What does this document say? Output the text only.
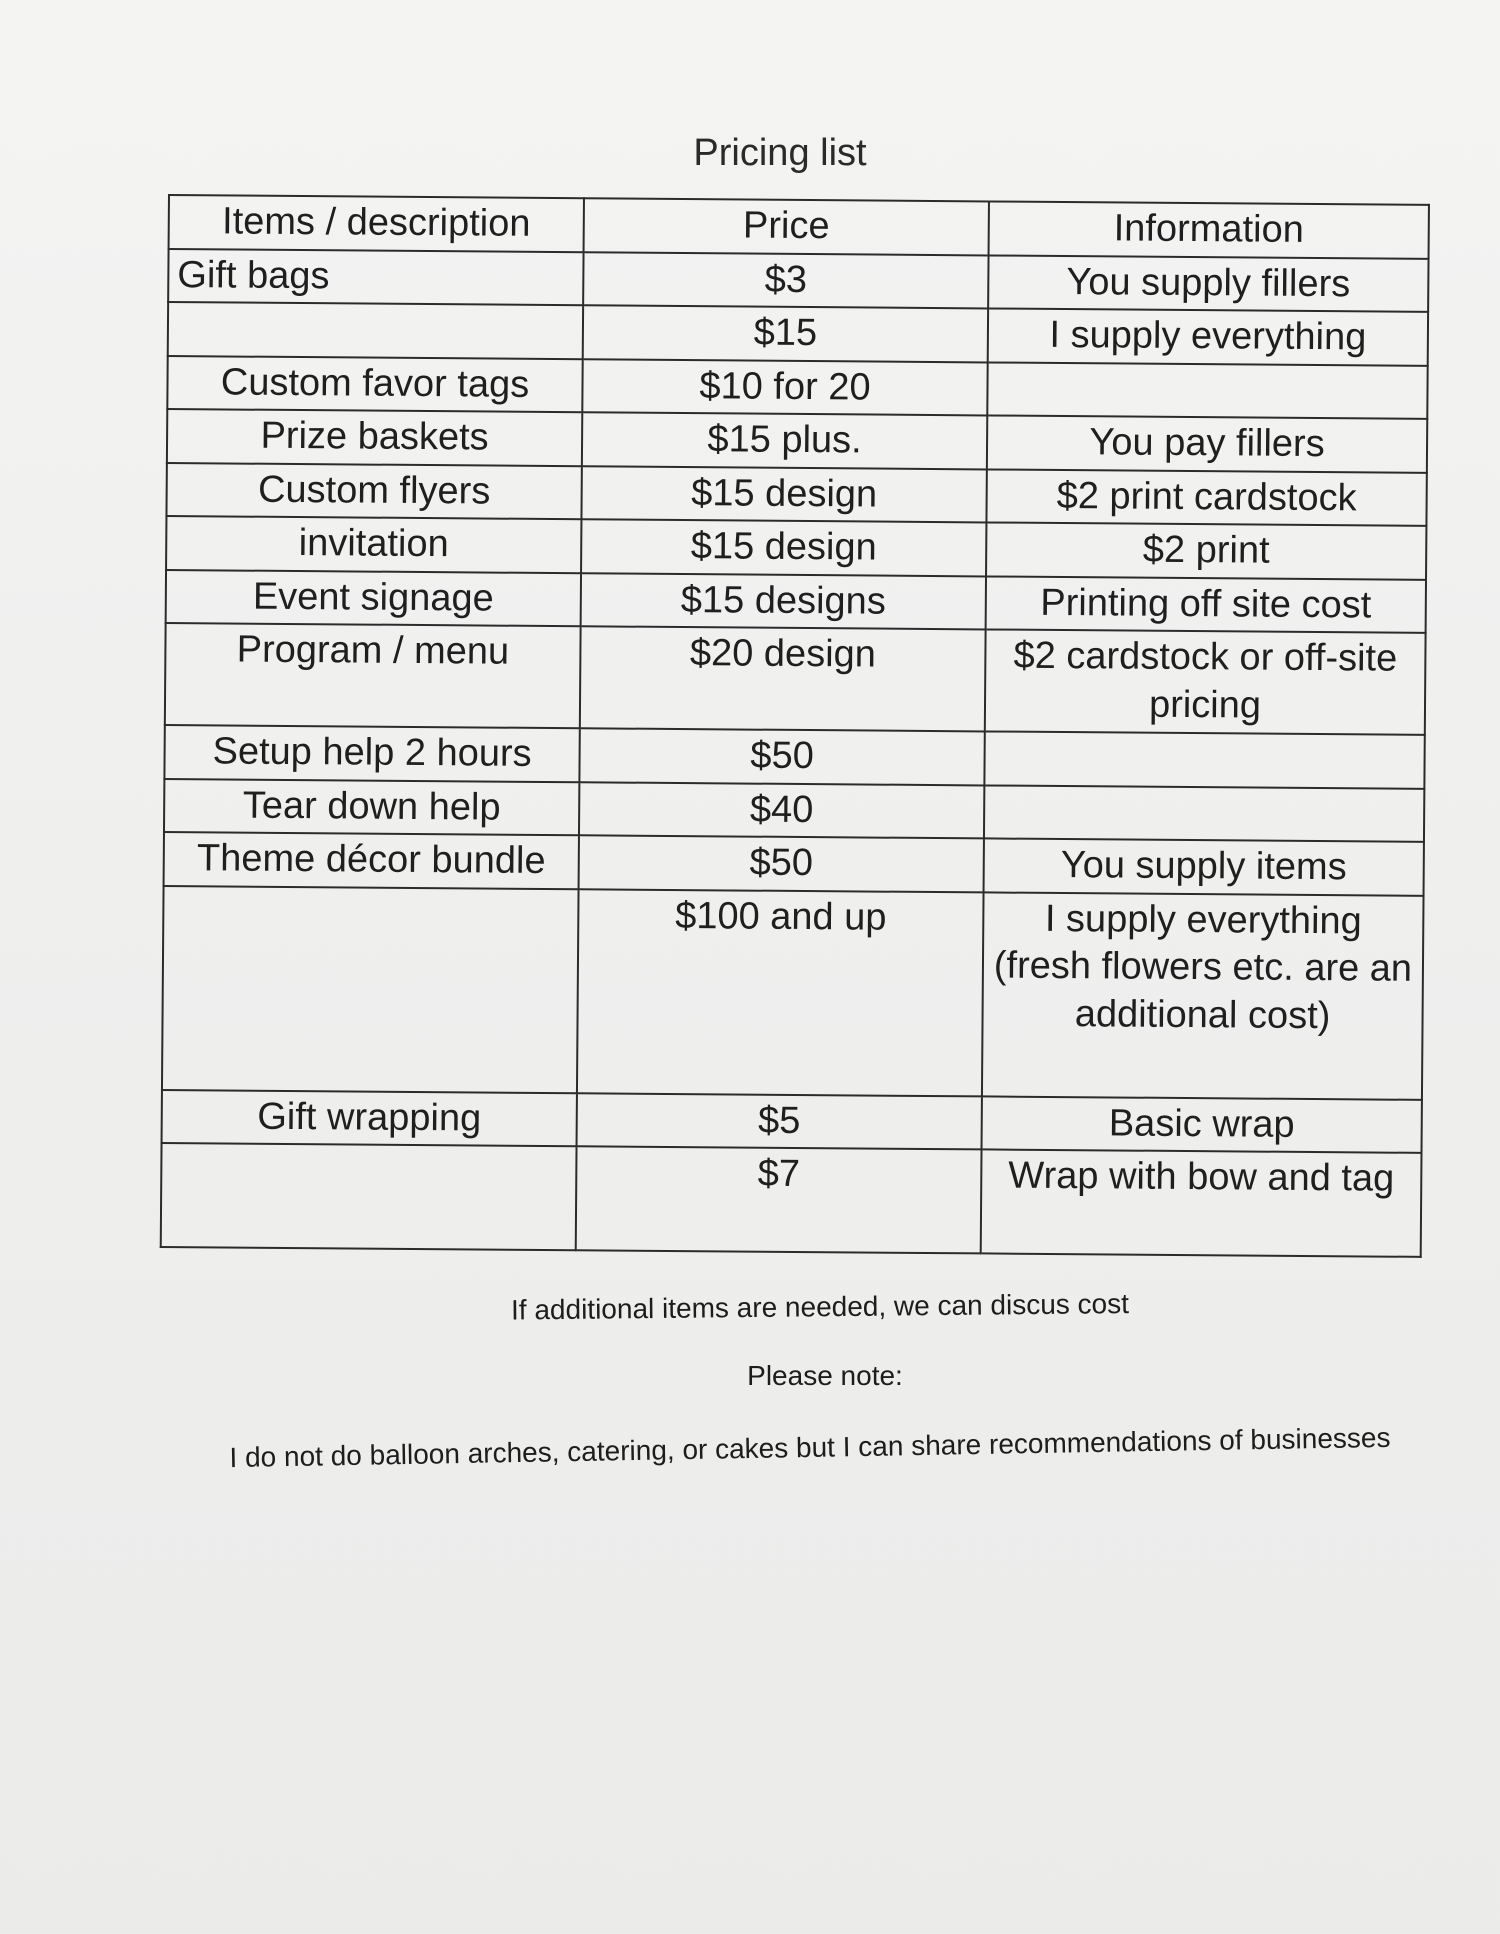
Pricing list
Items / description	Price	Information
Gift bags	$3	You supply fillers
	$15	I supply everything
Custom favor tags	$10 for 20	
Prize baskets	$15 plus.	You pay fillers
Custom flyers	$15 design	$2 print cardstock
invitation	$15 design	$2 print
Event signage	$15 designs	Printing off site cost
Program / menu	$20 design	$2 cardstock or off-site pricing
Setup help 2 hours	$50	
Tear down help	$40	
Theme décor bundle	$50	You supply items
	$100 and up	I supply everything (fresh flowers etc. are an additional cost)
Gift wrapping	$5	Basic wrap
	$7	Wrap with bow and tag

If additional items are needed, we can discus cost

Please note:

I do not do balloon arches, catering, or cakes but I can share recommendations of businesses
